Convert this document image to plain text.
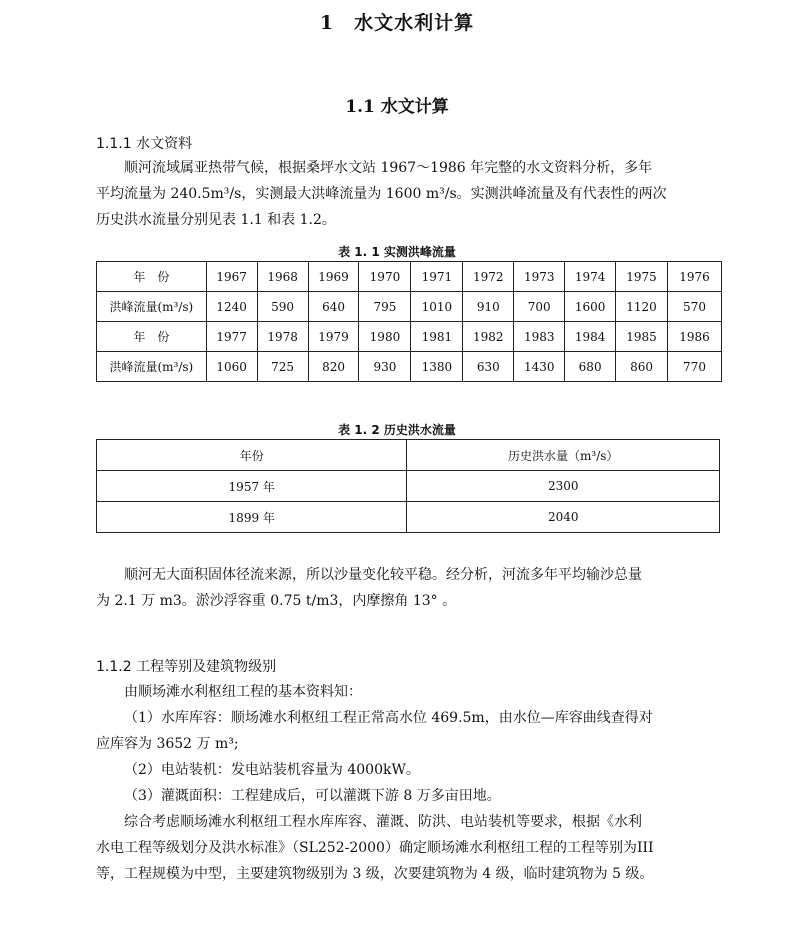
1　水文水利计算
1.1 水文计算
1.1.1 水文资料
顺河流域属亚热带气候，根据桑坪水文站 1967～1986 年完整的水文资料分析，多年
平均流量为 240.5m³/s，实测最大洪峰流量为 1600 m³/s。实测洪峰流量及有代表性的两次
历史洪水流量分别见表 1.1 和表 1.2。
表 1. 1 实测洪峰流量
年　份	1967	1968	1969	1970	1971	1972	1973	1974	1975	1976
洪峰流量(m³/s)	1240	590	640	795	1010	910	700	1600	1120	570
年　份	1977	1978	1979	1980	1981	1982	1983	1984	1985	1986
洪峰流量(m³/s)	1060	725	820	930	1380	630	1430	680	860	770
表 1. 2 历史洪水流量
年份	历史洪水量（m³/s）
1957 年	2300
1899 年	2040
顺河无大面积固体径流来源，所以沙量变化较平稳。经分析，河流多年平均输沙总量
为 2.1 万 m3。淤沙浮容重 0.75 t/m3，内摩擦角 13° 。
1.1.2 工程等别及建筑物级别
由顺场滩水利枢纽工程的基本资料知：
（1）水库库容：顺场滩水利枢纽工程正常高水位 469.5m，由水位—库容曲线查得对
应库容为 3652 万 m³;
（2）电站装机：发电站装机容量为 4000kW。
（3）灌溉面积：工程建成后，可以灌溉下游 8 万多亩田地。
综合考虑顺场滩水利枢纽工程水库库容、灌溉、防洪、电站装机等要求，根据《水利
水电工程等级划分及洪水标准》（SL252-2000）确定顺场滩水利枢纽工程的工程等别为III
等，工程规模为中型，主要建筑物级别为 3 级，次要建筑物为 4 级，临时建筑物为 5 级。
